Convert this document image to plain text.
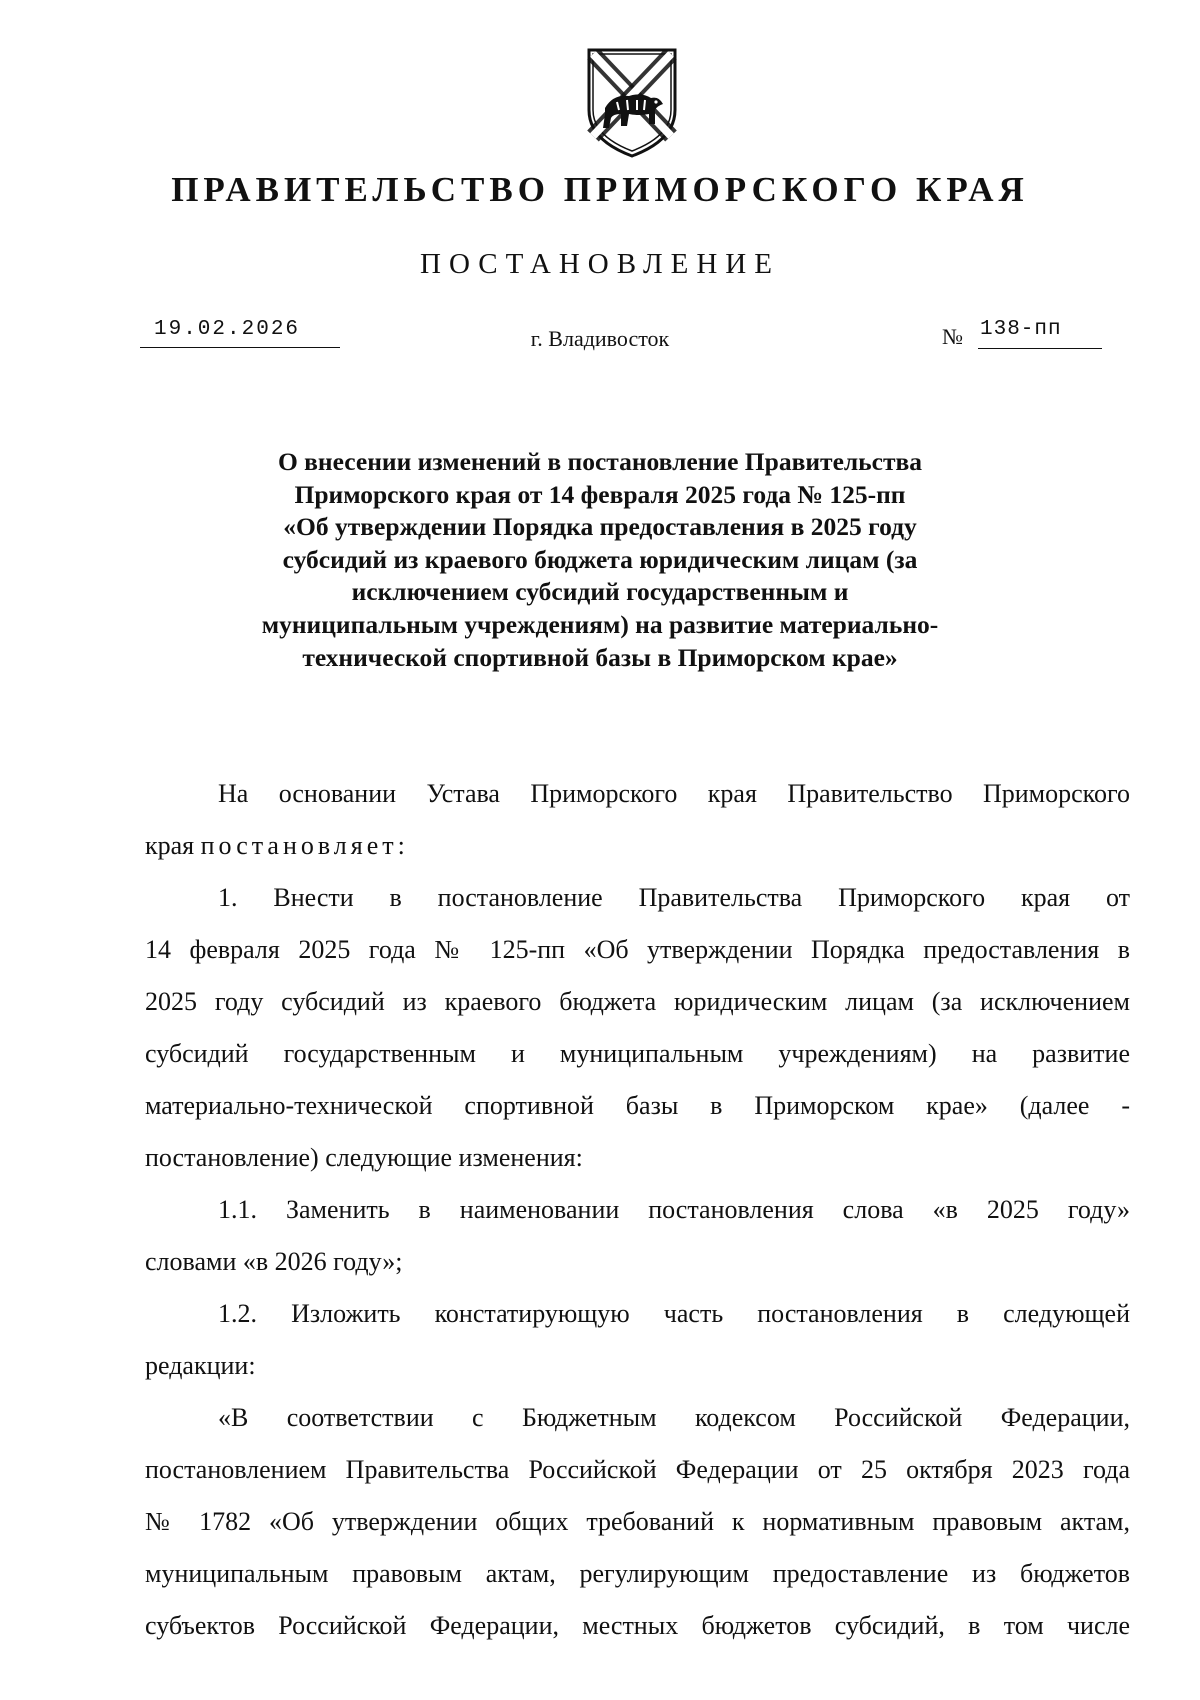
ПРАВИТЕЛЬСТВО ПРИМОРСКОГО КРАЯ
ПОСТАНОВЛЕНИЕ
19.02.2026	г. Владивосток	№ 138-пп
О внесении изменений в постановление Правительства
Приморского края от 14 февраля 2025 года № 125-пп
«Об утверждении Порядка предоставления в 2025 году
субсидий из краевого бюджета юридическим лицам (за
исключением субсидий государственным и
муниципальным учреждениям) на развитие материально-
технической спортивной базы в Приморском крае»
На основании Устава Приморского края Правительство Приморского
края постановляет:
1. Внести в постановление Правительства Приморского края от
14 февраля 2025 года № 125-пп «Об утверждении Порядка предоставления в
2025 году субсидий из краевого бюджета юридическим лицам (за исключением
субсидий государственным и муниципальным учреждениям) на развитие
материально-технической спортивной базы в Приморском крае» (далее -
постановление) следующие изменения:
1.1. Заменить в наименовании постановления слова «в 2025 году»
словами «в 2026 году»;
1.2. Изложить констатирующую часть постановления в следующей
редакции:
«В соответствии с Бюджетным кодексом Российской Федерации,
постановлением Правительства Российской Федерации от 25 октября 2023 года
№ 1782 «Об утверждении общих требований к нормативным правовым актам,
муниципальным правовым актам, регулирующим предоставление из бюджетов
субъектов Российской Федерации, местных бюджетов субсидий, в том числе
